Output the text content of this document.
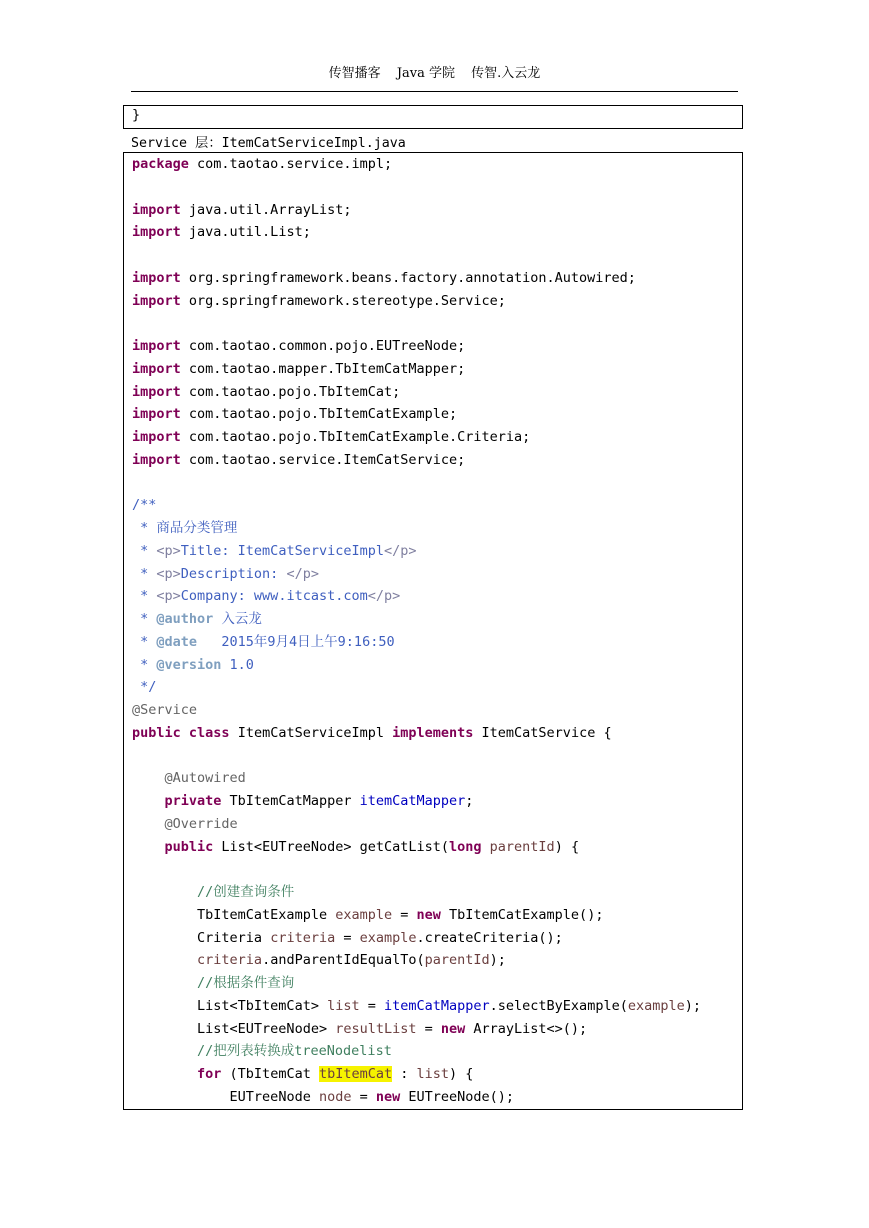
传智播客 Java 学院 传智.入云龙
}
Service 层：ItemCatServiceImpl.java
package com.taotao.service.impl;

import java.util.ArrayList;
import java.util.List;

import org.springframework.beans.factory.annotation.Autowired;
import org.springframework.stereotype.Service;

import com.taotao.common.pojo.EUTreeNode;
import com.taotao.mapper.TbItemCatMapper;
import com.taotao.pojo.TbItemCat;
import com.taotao.pojo.TbItemCatExample;
import com.taotao.pojo.TbItemCatExample.Criteria;
import com.taotao.service.ItemCatService;

/**
* 商品分类管理
* <p>Title: ItemCatServiceImpl</p>
* <p>Description: </p>
* <p>Company: www.itcast.com</p>
* @author 入云龙
* @date   2015年9月4日上午9:16:50
* @version 1.0
*/
@Service
public class ItemCatServiceImpl implements ItemCatService {

@Autowired
private TbItemCatMapper itemCatMapper;
@Override
public List<EUTreeNode> getCatList(long parentId) {

//创建查询条件
TbItemCatExample example = new TbItemCatExample();
Criteria criteria = example.createCriteria();
criteria.andParentIdEqualTo(parentId);
//根据条件查询
List<TbItemCat> list = itemCatMapper.selectByExample(example);
List<EUTreeNode> resultList = new ArrayList<>();
//把列表转换成treeNodelist
for (TbItemCat tbItemCat : list) {
EUTreeNode node = new EUTreeNode();
